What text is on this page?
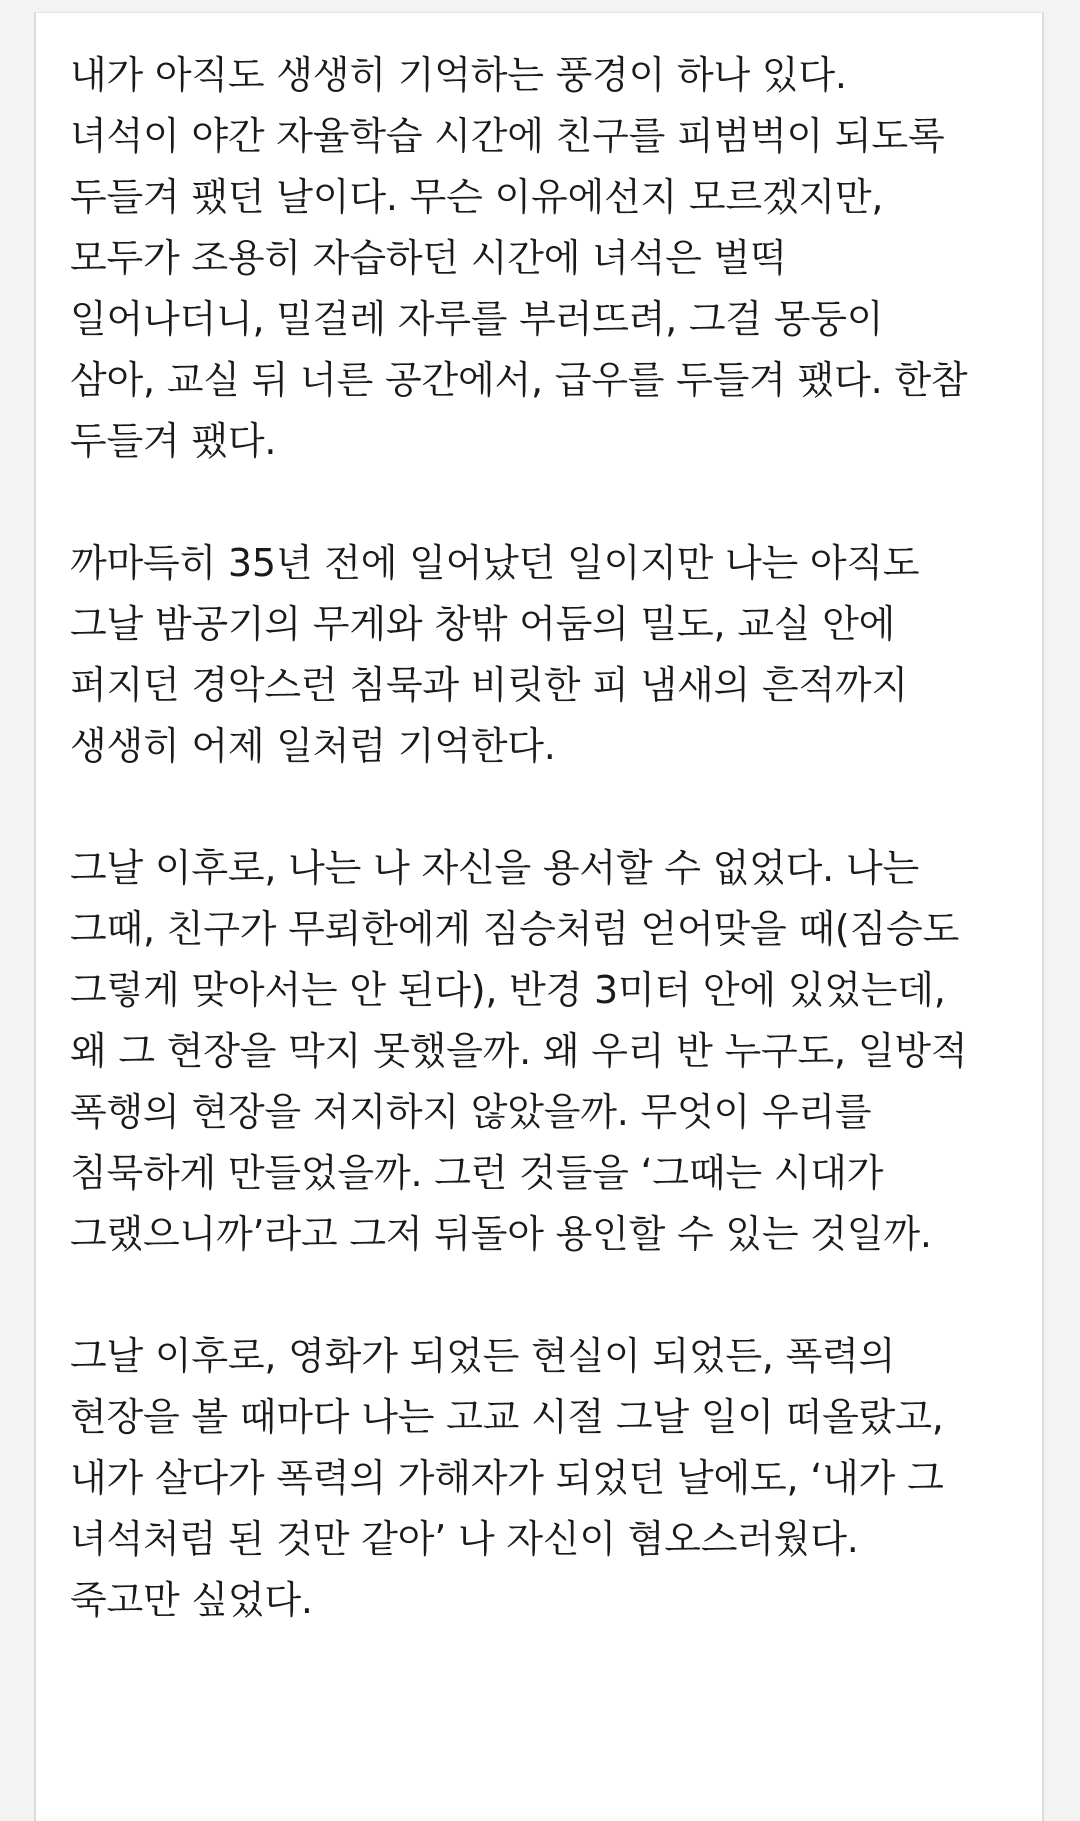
내가 아직도 생생히 기억하는 풍경이 하나 있다.
녀석이 야간 자율학습 시간에 친구를 피범벅이 되도록
두들겨 팼던 날이다. 무슨 이유에선지 모르겠지만,
모두가 조용히 자습하던 시간에 녀석은 벌떡
일어나더니, 밀걸레 자루를 부러뜨려, 그걸 몽둥이
삼아, 교실 뒤 너른 공간에서, 급우를 두들겨 팼다. 한참
두들겨 팼다.

까마득히 35년 전에 일어났던 일이지만 나는 아직도
그날 밤공기의 무게와 창밖 어둠의 밀도, 교실 안에
퍼지던 경악스런 침묵과 비릿한 피 냄새의 흔적까지
생생히 어제 일처럼 기억한다.

그날 이후로, 나는 나 자신을 용서할 수 없었다. 나는
그때, 친구가 무뢰한에게 짐승처럼 얻어맞을 때(짐승도
그렇게 맞아서는 안 된다), 반경 3미터 안에 있었는데,
왜 그 현장을 막지 못했을까. 왜 우리 반 누구도, 일방적
폭행의 현장을 저지하지 않았을까. 무엇이 우리를
침묵하게 만들었을까. 그런 것들을 ‘그때는 시대가
그랬으니까’라고 그저 뒤돌아 용인할 수 있는 것일까.

그날 이후로, 영화가 되었든 현실이 되었든, 폭력의
현장을 볼 때마다 나는 고교 시절 그날 일이 떠올랐고,
내가 살다가 폭력의 가해자가 되었던 날에도, ‘내가 그
녀석처럼 된 것만 같아’ 나 자신이 혐오스러웠다.
죽고만 싶었다.
